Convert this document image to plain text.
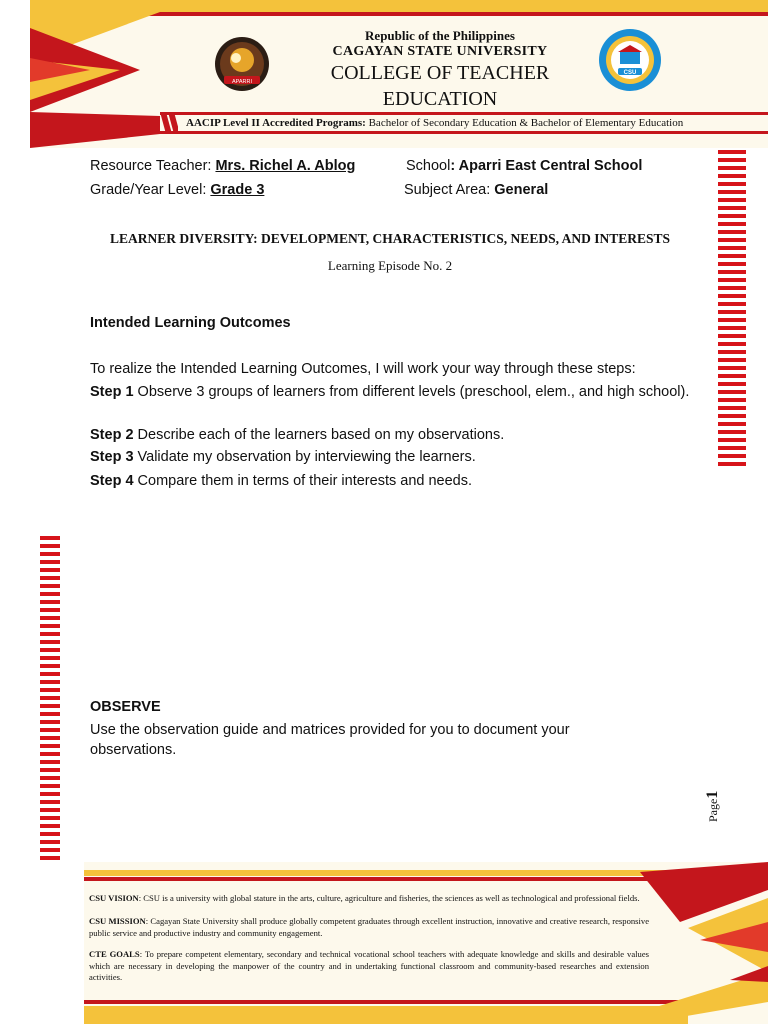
APARRI
Republic of the Philippines
CAGAYAN STATE UNIVERSITY
COLLEGE OF TEACHER
EDUCATION
CSU
AACIP Level II Accredited Programs: Bachelor of Secondary Education & Bachelor of Elementary Education
Resource Teacher: Mrs. Richel A. Ablog	School: Aparri East Central School
Grade/Year Level: Grade 3	Subject Area: General
LEARNER DIVERSITY: DEVELOPMENT, CHARACTERISTICS, NEEDS, AND INTERESTS
Learning Episode No. 2
Intended Learning Outcomes
To realize the Intended Learning Outcomes, I will work your way through these steps:
Step 1 Observe 3 groups of learners from different levels (preschool, elem., and high school).
Step 2 Describe each of the learners based on my observations.
Step 3 Validate my observation by interviewing the learners.
Step 4 Compare them in terms of their interests and needs.
OBSERVE
Use the observation guide and matrices provided for you to document your observations.
Page1
CSU VISION: CSU is a university with global stature in the arts, culture, agriculture and fisheries, the sciences as well as technological and professional fields.
CSU MISSION: Cagayan State University shall produce globally competent graduates through excellent instruction, innovative and creative research, responsive public service and productive industry and community engagement.
CTE GOALS: To prepare competent elementary, secondary and technical vocational school teachers with adequate knowledge and skills and desirable values which are necessary in developing the manpower of the country and in undertaking functional classroom and community-based researches and extension activities.
